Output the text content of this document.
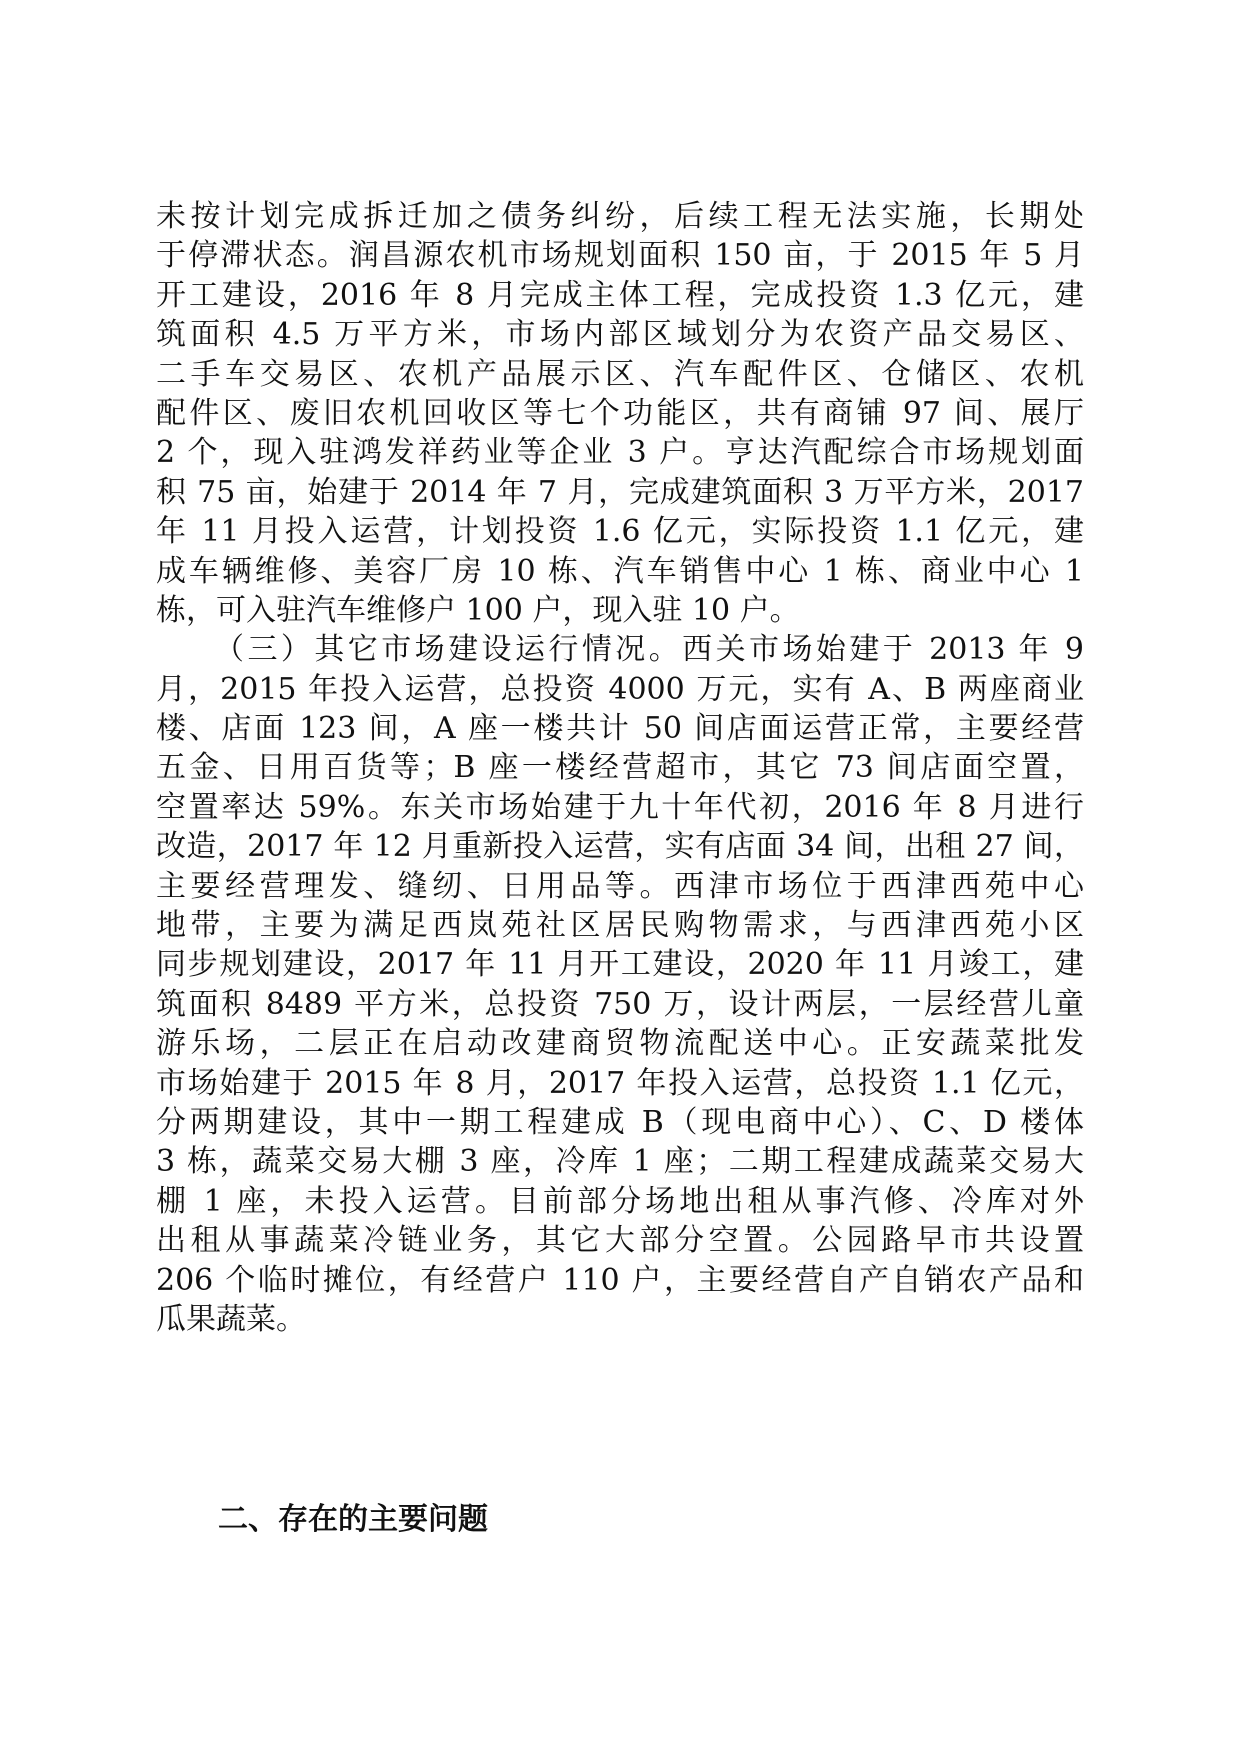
未按计划完成拆迁加之债务纠纷，后续工程无法实施，长期处
于停滞状态。润昌源农机市场规划面积 150 亩，于 2015 年 5 月
开工建设，2016 年 8 月完成主体工程，完成投资 1.3 亿元，建
筑面积 4.5 万平方米，市场内部区域划分为农资产品交易区、
二手车交易区、农机产品展示区、汽车配件区、仓储区、农机
配件区、废旧农机回收区等七个功能区，共有商铺 97 间、展厅
2 个，现入驻鸿发祥药业等企业 3 户。亨达汽配综合市场规划面
积 75 亩，始建于 2014 年 7 月，完成建筑面积 3 万平方米，2017
年 11 月投入运营，计划投资 1.6 亿元，实际投资 1.1 亿元，建
成车辆维修、美容厂房 10 栋、汽车销售中心 1 栋、商业中心 1
栋，可入驻汽车维修户 100 户，现入驻 10 户。
（三）其它市场建设运行情况。西关市场始建于 2013 年 9
月，2015 年投入运营，总投资 4000 万元，实有 A、B 两座商业
楼、店面 123 间，A 座一楼共计 50 间店面运营正常，主要经营
五金、日用百货等；B 座一楼经营超市，其它 73 间店面空置，
空置率达 59%。东关市场始建于九十年代初，2016 年 8 月进行
改造，2017 年 12 月重新投入运营，实有店面 34 间，出租 27 间，
主要经营理发、缝纫、日用品等。西津市场位于西津西苑中心
地带，主要为满足西岚苑社区居民购物需求，与西津西苑小区
同步规划建设，2017 年 11 月开工建设，2020 年 11 月竣工，建
筑面积 8489 平方米，总投资 750 万，设计两层，一层经营儿童
游乐场，二层正在启动改建商贸物流配送中心。正安蔬菜批发
市场始建于 2015 年 8 月，2017 年投入运营，总投资 1.1 亿元，
分两期建设，其中一期工程建成 B（现电商中心）、C、D 楼体
3 栋，蔬菜交易大棚 3 座，冷库 1 座；二期工程建成蔬菜交易大
棚 1 座，未投入运营。目前部分场地出租从事汽修、冷库对外
出租从事蔬菜冷链业务，其它大部分空置。公园路早市共设置
206 个临时摊位，有经营户 110 户，主要经营自产自销农产品和
瓜果蔬菜。
二、存在的主要问题
